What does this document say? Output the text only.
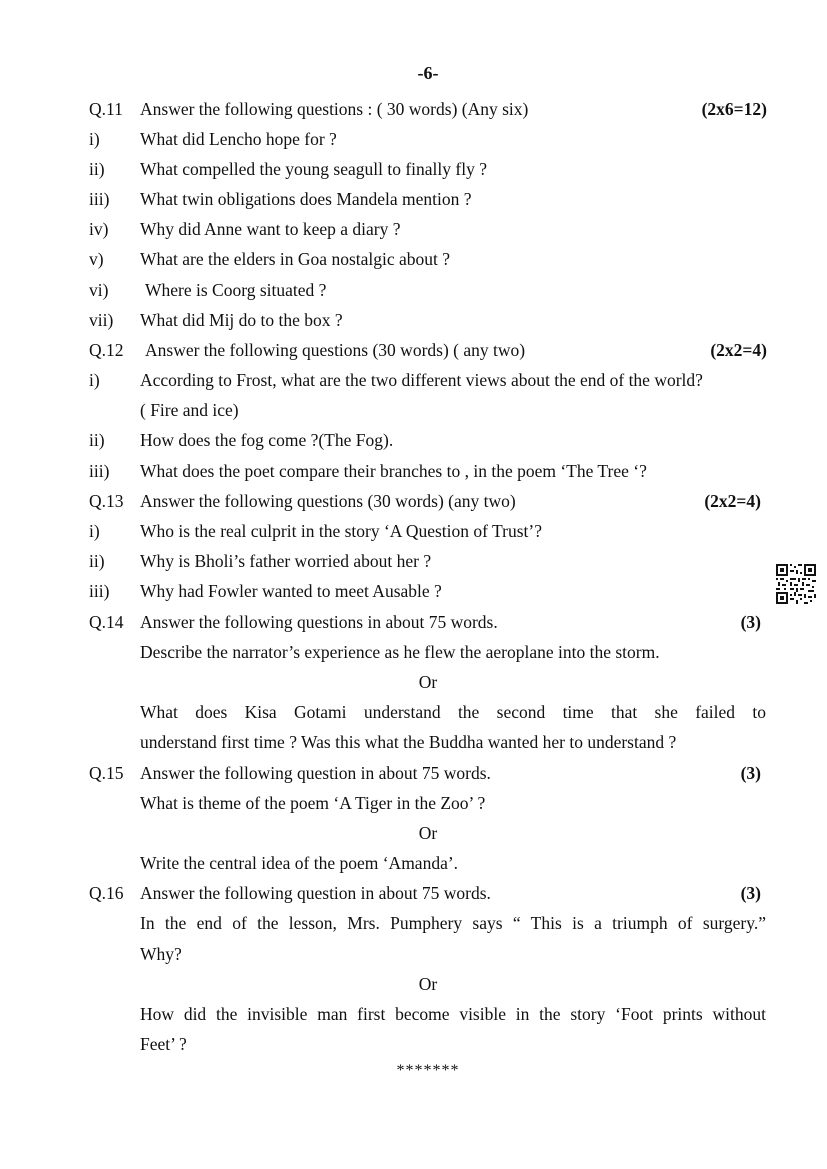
-6-
Q.11 Answer the following questions : ( 30 words) (Any six)	(2x6=12)
i) What did Lencho hope for ?
ii) What compelled the young seagull to finally fly ?
iii) What twin obligations does Mandela mention ?
iv) Why did Anne want to keep a diary ?
v) What are the elders in Goa nostalgic about ?
vi) Where is Coorg situated ?
vii) What did Mij do to the box ?
Q.12 Answer the following questions (30 words) ( any two)	(2x2=4)
i) According to Frost, what are the two different views about the end of the world?
( Fire and ice)
ii) How does the fog come ?(The Fog).
iii) What does the poet compare their branches to , in the poem ‘The Tree ‘?
Q.13 Answer the following questions (30 words) (any two)	(2x2=4)
i) Who is the real culprit in the story ‘A Question of Trust’?
ii) Why is Bholi’s father worried about her ?
iii) Why had Fowler wanted to meet Ausable ?
Q.14 Answer the following questions in about 75 words.	(3)
Describe the narrator’s experience as he flew the aeroplane into the storm.
Or
What does Kisa Gotami understand the second time that she failed to
understand first time ? Was this what the Buddha wanted her to understand ?
Q.15 Answer the following question in about 75 words.	(3)
What is theme of the poem ‘A Tiger in the Zoo’ ?
Or
Write the central idea of the poem ‘Amanda’.
Q.16 Answer the following question in about 75 words.	(3)
In the end of the lesson, Mrs. Pumphery says “ This is a triumph of surgery.”
Why?
Or
How did the invisible man first become visible in the story ‘Foot prints without
Feet’ ?
*******
